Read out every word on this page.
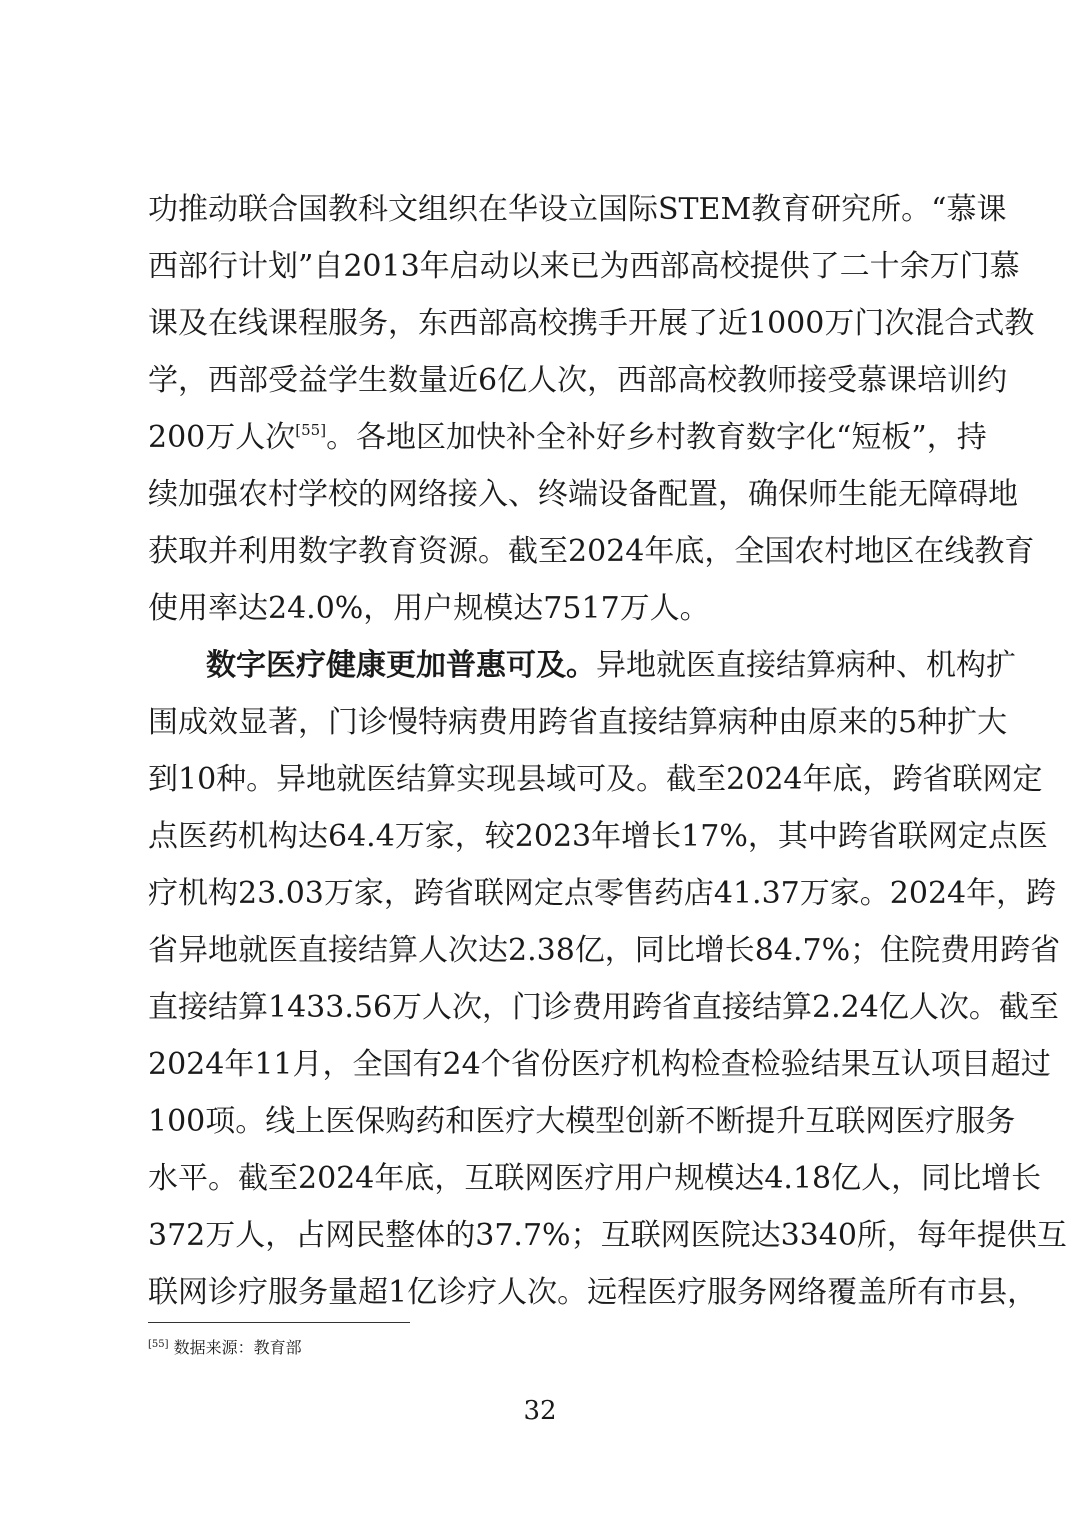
功推动联合国教科文组织在华设立国际STEM教育研究所。“慕课
西部行计划”自2013年启动以来已为西部高校提供了二十余万门慕
课及在线课程服务，东西部高校携手开展了近1000万门次混合式教
学，西部受益学生数量近6亿人次，西部高校教师接受慕课培训约
200万人次[55]。各地区加快补全补好乡村教育数字化“短板”，持
续加强农村学校的网络接入、终端设备配置，确保师生能无障碍地
获取并利用数字教育资源。截至2024年底，全国农村地区在线教育
使用率达24.0%，用户规模达7517万人。
数字医疗健康更加普惠可及。异地就医直接结算病种、机构扩
围成效显著，门诊慢特病费用跨省直接结算病种由原来的5种扩大
到10种。异地就医结算实现县域可及。截至2024年底，跨省联网定
点医药机构达64.4万家，较2023年增长17%，其中跨省联网定点医
疗机构23.03万家，跨省联网定点零售药店41.37万家。2024年，跨
省异地就医直接结算人次达2.38亿，同比增长84.7%；住院费用跨省
直接结算1433.56万人次，门诊费用跨省直接结算2.24亿人次。截至
2024年11月，全国有24个省份医疗机构检查检验结果互认项目超过
100项。线上医保购药和医疗大模型创新不断提升互联网医疗服务
水平。截至2024年底，互联网医疗用户规模达4.18亿人，同比增长
372万人，占网民整体的37.7%；互联网医院达3340所，每年提供互
联网诊疗服务量超1亿诊疗人次。远程医疗服务网络覆盖所有市县，
[55] 数据来源：教育部
32
